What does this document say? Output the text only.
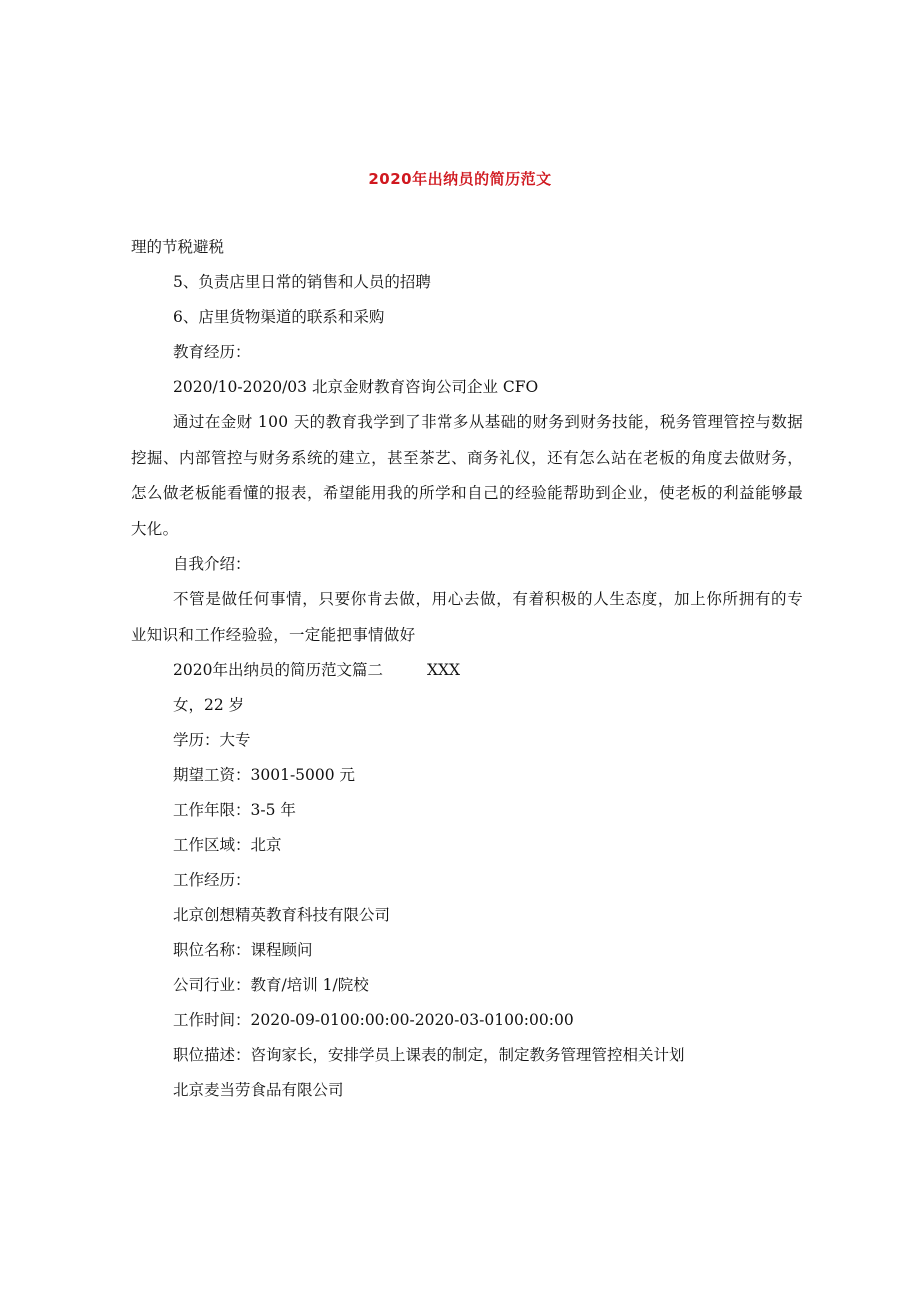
2020年出纳员的简历范文

理的节税避税

5、负责店里日常的销售和人员的招聘

6、店里货物渠道的联系和采购

教育经历：

2020/10-2020/03 北京金财教育咨询公司企业 CFO

通过在金财 100 天的教育我学到了非常多从基础的财务到财务技能，税务管理管控与数据挖掘、内部管控与财务系统的建立，甚至茶艺、商务礼仪，还有怎么站在老板的角度去做财务，怎么做老板能看懂的报表，希望能用我的所学和自己的经验能帮助到企业，使老板的利益能够最大化。

自我介绍：

不管是做任何事情，只要你肯去做，用心去做，有着积极的人生态度，加上你所拥有的专业知识和工作经验验，一定能把事情做好

2020年出纳员的简历范文篇二	XXX

女，22 岁

学历：大专

期望工资：3001-5000 元

工作年限：3-5 年

工作区域：北京

工作经历：

北京创想精英教育科技有限公司

职位名称：课程顾问

公司行业：教育/培训 1/院校

工作时间：2020-09-0100:00:00-2020-03-0100:00:00

职位描述：咨询家长，安排学员上课表的制定，制定教务管理管控相关计划

北京麦当劳食品有限公司
